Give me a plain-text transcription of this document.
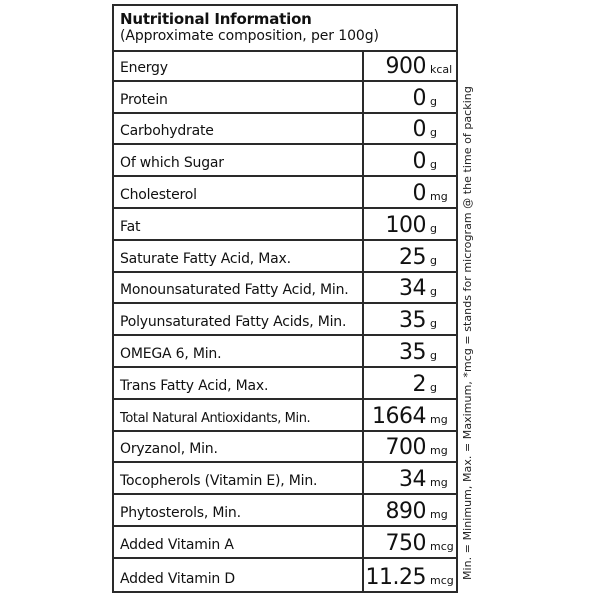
Nutritional Information
(Approximate composition, per 100g)
Energy	900 kcal
Protein	0 g
Carbohydrate	0 g
Of which Sugar	0 g
Cholesterol	0 mg
Fat	100 g
Saturate Fatty Acid, Max.	25 g
Monounsaturated Fatty Acid, Min. 34 g
Polyunsaturated Fatty Acids, Min. 35 g
OMEGA 6, Min.	35 g
Trans Fatty Acid, Max.	2 g
Total Natural Antioxidants, Min.	1664 mg
Oryzanol, Min.	700 mg
Tocopherols (Vitamin E), Min.	34 mg
Phytosterols, Min.	890 mg
Added Vitamin A	750 mcg
Added Vitamin D	11.25 mcg
Min. = Minimum, Max. = Maximum, *mcg = stands for microgram @ the time of packing
